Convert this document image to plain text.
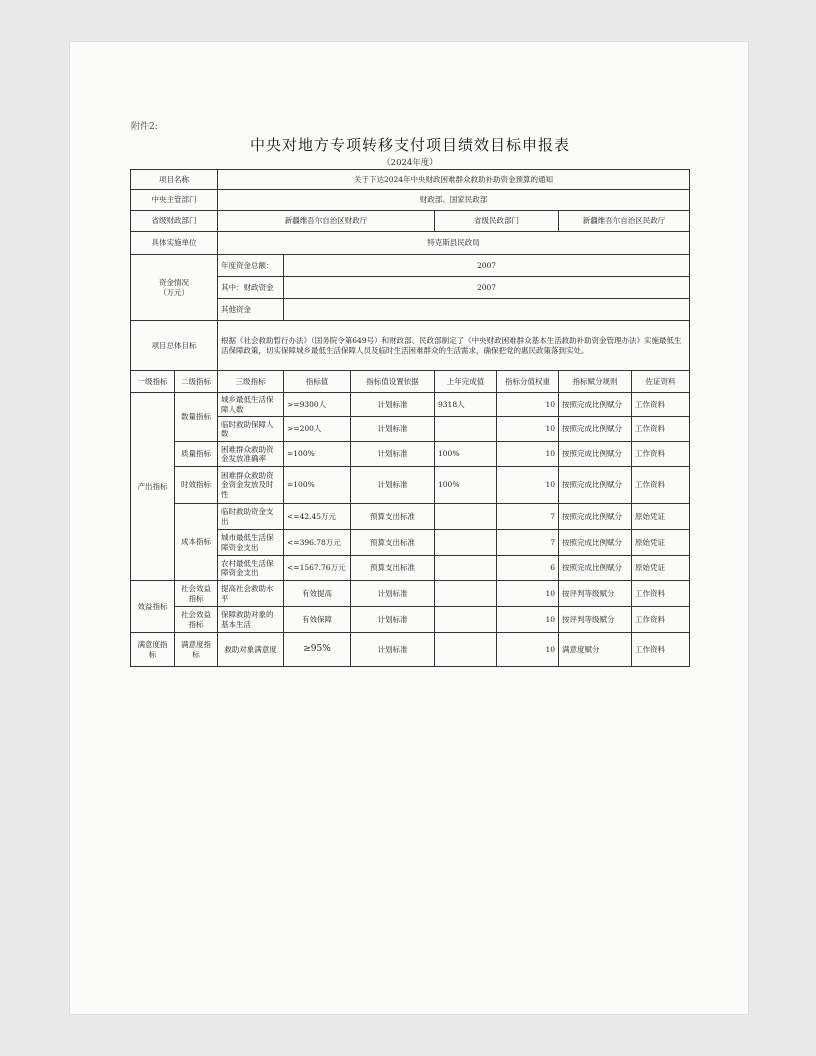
附件2:
中央对地方专项转移支付项目绩效目标申报表
（2024年度）
项目名称		关于下达2024年中央财政困难群众救助补助资金预算的通知						
中央主管部门		财政部、国家民政部						
省级财政部门		新疆维吾尔自治区财政厅			省级民政部门		新疆维吾尔自治区民政厅	
具体实施单位		特克斯县民政局						

资金情况
（万元）		年度资金总额：	2007					
		其中：财政资金	2007					
		其他资金						
项目总体目标		根据《社会救助暂行办法》（国务院令第649号）和财政部、民政部制定了《中央财政困难群众基本生活救助补助资金管理办法》实施最低生活保障政策，切实保障城乡最低生活保障人员及临时生活困难群众的生活需求，确保把党的惠民政策落到实处。						
一级指标	二级指标	三级指标	指标值	指标值设置依据	上年完成值	指标分值权重	指标赋分规则	佐证资料
产出指标	数量指标	城乡最低生活保障人数	>=9300人	计划标准	9318人	10	按照完成比例赋分	工作资料
		临时救助保障人数	>=200人	计划标准		10	按照完成比例赋分	工作资料
	质量指标	困难群众救助资金发放准确率	=100%	计划标准	100%	10	按照完成比例赋分	工作资料
	时效指标	困难群众救助资金资金发放及时性	=100%	计划标准	100%	10	按照完成比例赋分	工作资料
	成本指标	临时救助资金支出	<=42.45万元	预算支出标准		7	按照完成比例赋分	原始凭证
		城市最低生活保障资金支出	<=396.78万元	预算支出标准		7	按照完成比例赋分	原始凭证
		农村最低生活保障资金支出	<=1567.76万元	预算支出标准		6	按照完成比例赋分	原始凭证
效益指标	社会效益指标	提高社会救助水平	有效提高	计划标准		10	按评判等级赋分	工作资料
	社会效益指标	保障救助对象的基本生活	有效保障	计划标准		10	按评判等级赋分	工作资料
满意度指标	满意度指标	救助对象满意度	≥95%	计划标准		10	满意度赋分	工作资料
